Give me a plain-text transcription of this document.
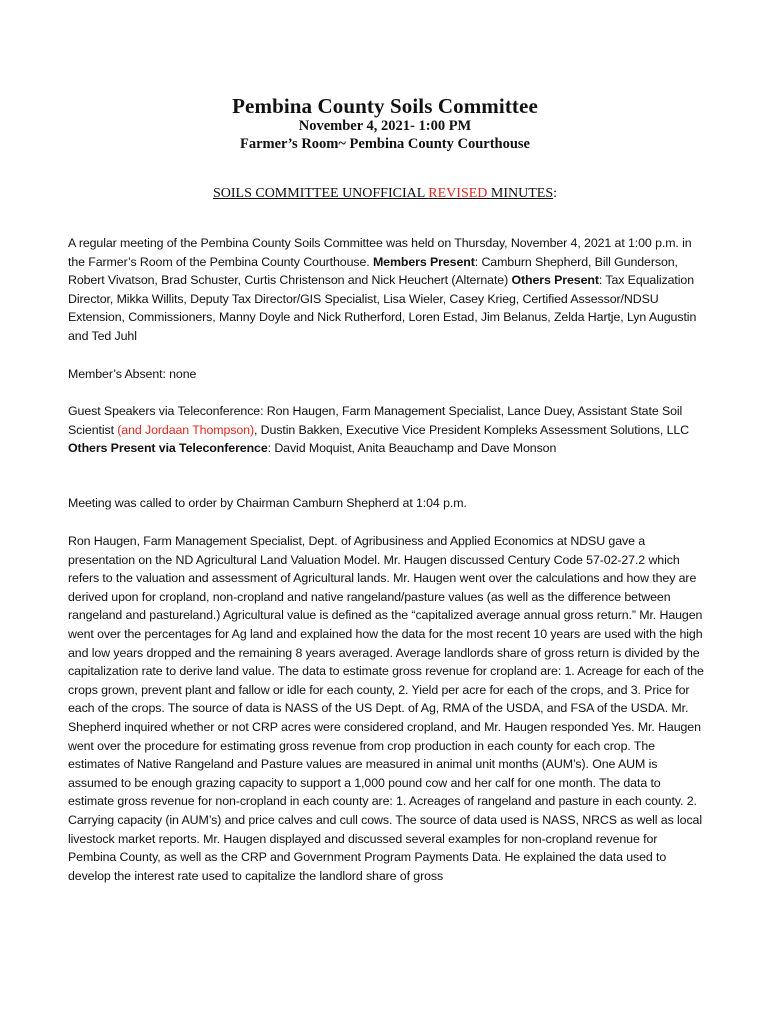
Pembina County Soils Committee
November 4, 2021- 1:00 PM
Farmer’s Room~ Pembina County Courthouse
SOILS COMMITTEE UNOFFICIAL REVISED MINUTES:
A regular meeting of the Pembina County Soils Committee was held on Thursday, November 4, 2021 at 1:00 p.m. in the Farmer’s Room of the Pembina County Courthouse. Members Present: Camburn Shepherd, Bill Gunderson, Robert Vivatson, Brad Schuster, Curtis Christenson and Nick Heuchert (Alternate) Others Present: Tax Equalization Director, Mikka Willits, Deputy Tax Director/GIS Specialist, Lisa Wieler, Casey Krieg, Certified Assessor/NDSU Extension, Commissioners, Manny Doyle and Nick Rutherford, Loren Estad, Jim Belanus, Zelda Hartje, Lyn Augustin and Ted Juhl
Member’s Absent: none
Guest Speakers via Teleconference: Ron Haugen, Farm Management Specialist, Lance Duey, Assistant State Soil Scientist (and Jordaan Thompson), Dustin Bakken, Executive Vice President Kompleks Assessment Solutions, LLC Others Present via Teleconference: David Moquist, Anita Beauchamp and Dave Monson
Meeting was called to order by Chairman Camburn Shepherd at 1:04 p.m.
Ron Haugen, Farm Management Specialist, Dept. of Agribusiness and Applied Economics at NDSU gave a presentation on the ND Agricultural Land Valuation Model. Mr. Haugen discussed Century Code 57-02-27.2 which refers to the valuation and assessment of Agricultural lands. Mr. Haugen went over the calculations and how they are derived upon for cropland, non-cropland and native rangeland/pasture values (as well as the difference between rangeland and pastureland.) Agricultural value is defined as the “capitalized average annual gross return.” Mr. Haugen went over the percentages for Ag land and explained how the data for the most recent 10 years are used with the high and low years dropped and the remaining 8 years averaged. Average landlords share of gross return is divided by the capitalization rate to derive land value. The data to estimate gross revenue for cropland are: 1. Acreage for each of the crops grown, prevent plant and fallow or idle for each county, 2. Yield per acre for each of the crops, and 3. Price for each of the crops. The source of data is NASS of the US Dept. of Ag, RMA of the USDA, and FSA of the USDA. Mr. Shepherd inquired whether or not CRP acres were considered cropland, and Mr. Haugen responded Yes. Mr. Haugen went over the procedure for estimating gross revenue from crop production in each county for each crop. The estimates of Native Rangeland and Pasture values are measured in animal unit months (AUM’s). One AUM is assumed to be enough grazing capacity to support a 1,000 pound cow and her calf for one month. The data to estimate gross revenue for non-cropland in each county are: 1. Acreages of rangeland and pasture in each county. 2. Carrying capacity (in AUM’s) and price calves and cull cows. The source of data used is NASS, NRCS as well as local livestock market reports. Mr. Haugen displayed and discussed several examples for non-cropland revenue for Pembina County, as well as the CRP and Government Program Payments Data. He explained the data used to develop the interest rate used to capitalize the landlord share of gross
